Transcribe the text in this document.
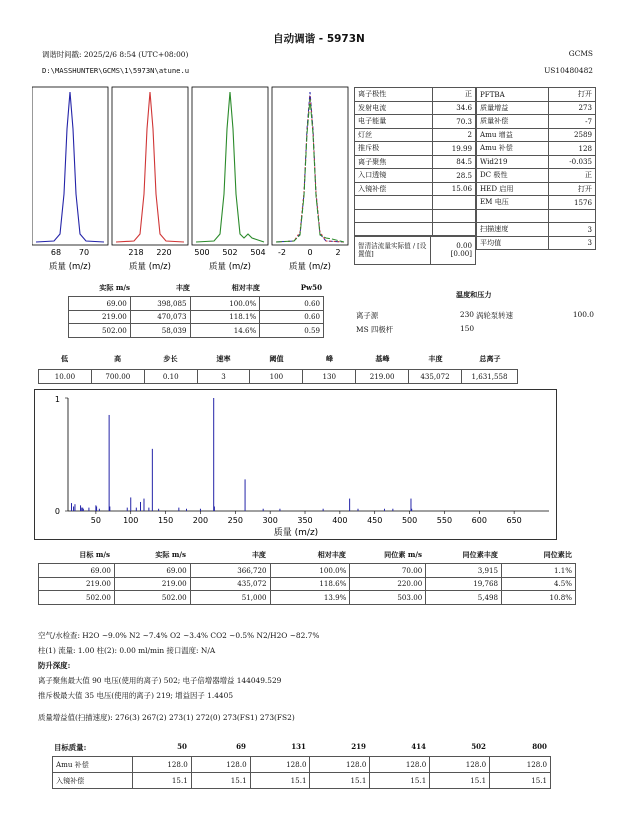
自动调谐 - 5973N
调谐时间戳: 2025/2/6 8:54 (UTC+08:00)	GCMS
D:\MASSHUNTER\GCMS\1\5973N\atune.u	US10480482
68 70
质量 (m/z)
218 220
质量 (m/z)
500 502 504
质量 (m/z)
-2	0	2
质量 (m/z)
离子极性	正
发射电流	34.6
电子能量	70.3
灯丝	2
推斥极	19.99
离子聚焦	84.5
入口透镜	28.5
入镜补偿	15.06

智清洁流量实际值 / [设置值]	
0.00
[0.00]
PFTBA	打开
质量增益	273
质量补偿	-7
Amu 增益	2589
Amu 补偿	128
Wid219	-0.035
DC 极性	正
HED 启用	打开
EM 电压	1576

扫描速度	3
平均值	3
实际 m/s	丰度	相对丰度	Pw50
69.00	398,085	100.0%	0.60
219.00	470,073	118.1%	0.60
502.00	58,039	14.6%	0.59
温度和压力
离子源	230 涡轮泵转速	100.0
MS 四极杆	150
低	高	步长	速率	阈值	峰	基峰	丰度	总离子
10.00	700.00	0.10	3	100	130	219.00	435,072	1,631,558
0
1
50	100 150 200 250 300 350 400 450 500 550 600 650
质量 (m/z)
目标 m/s	实际 m/s	丰度	相对丰度	同位素 m/s	同位素丰度	同位素比
69.00	69.00	366,720	100.0%	70.00	3,915	1.1%
219.00	219.00	435,072	118.6%	220.00	19,768	4.5%
502.00	502.00	51,000	13.9%	503.00	5,498	10.8%
空气/水检查: H2O ~9.0% N2 ~7.4% O2 ~3.4% CO2 ~0.5% N2/H2O ~82.7%
柱(1) 流量: 1.00 柱(2): 0.00 ml/min 接口温度: N/A
防升深度:
离子聚焦最大值 90 电压(使用的离子) 502; 电子倍增器增益 144049.529
推斥极最大值 35 电压(使用的离子) 219; 增益因子 1.4405
质量增益值(扫描速度): 276(3) 267(2) 273(1) 272(0) 273(FS1) 273(FS2)
目标质量:	50	69	131	219	414	502	800
Amu 补偿	128.0	128.0	128.0	128.0	128.0	128.0	128.0
入镜补偿	15.1	15.1	15.1	15.1	15.1	15.1	15.1
